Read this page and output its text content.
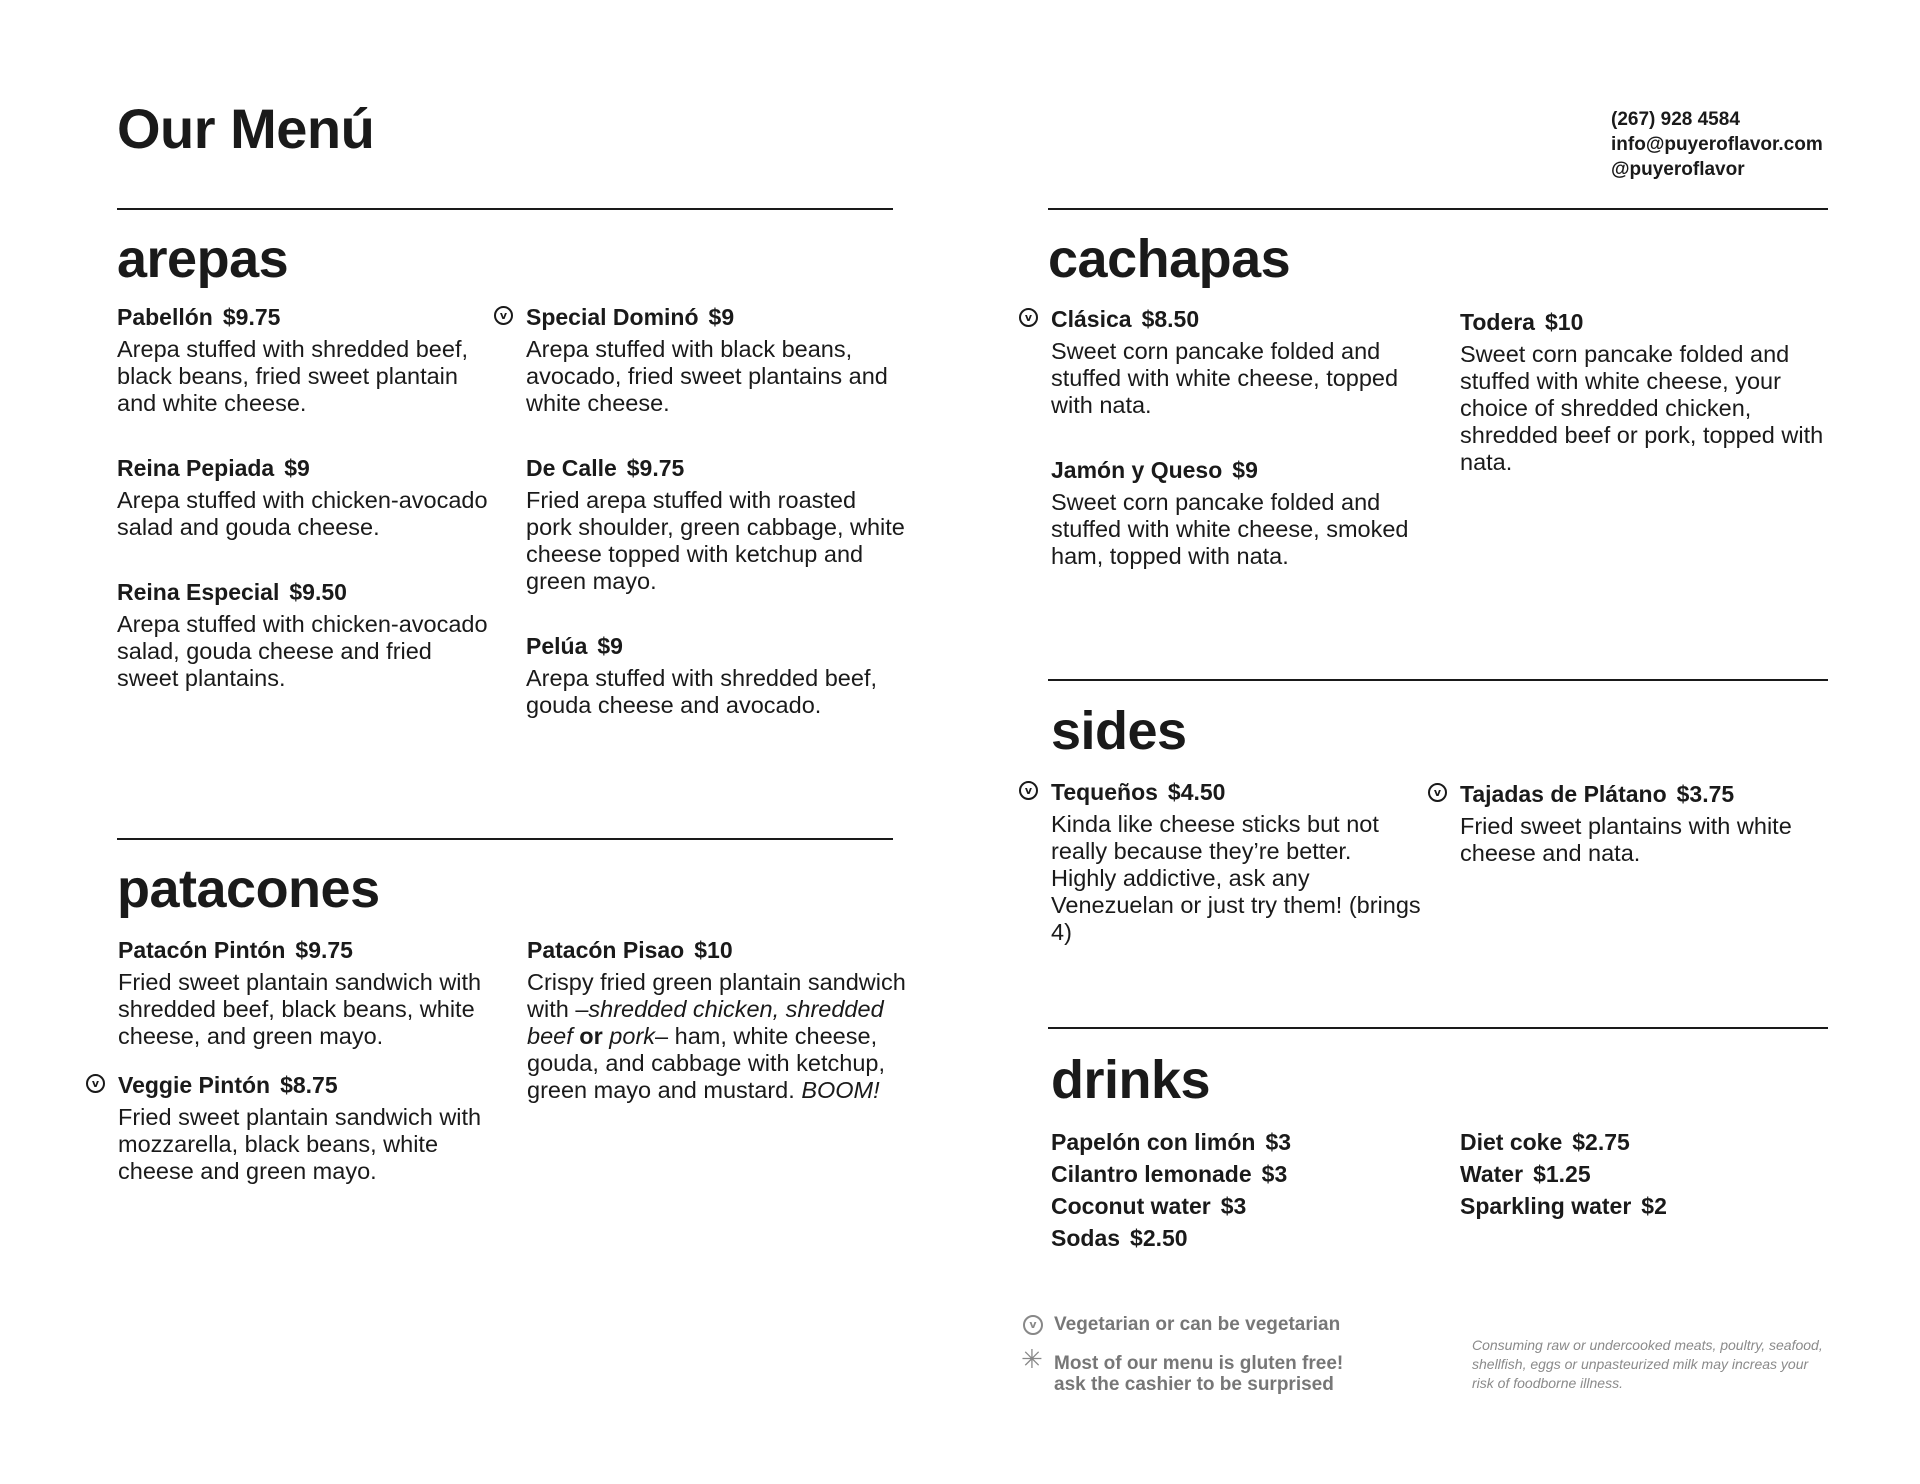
Our Menú	(267) 928 4584
info@puyeroflavor.com
@puyeroflavor
arepas
Pabellón $9.75
Arepa stuffed with shredded beef, black beans, fried sweet plantain and white cheese.
Reina Pepiada $9
Arepa stuffed with chicken-avocado salad and gouda cheese.
Reina Especial $9.50
Arepa stuffed with chicken-avocado salad, gouda cheese and fried sweet plantains.
v Special Dominó $9
Arepa stuffed with black beans, avocado, fried sweet plantains and white cheese.
De Calle $9.75
Fried arepa stuffed with roasted pork shoulder, green cabbage, white cheese topped with ketchup and green mayo.
Pelúa $9
Arepa stuffed with shredded beef, gouda cheese and avocado.
patacones
Patacón Pintón $9.75
Fried sweet plantain sandwich with shredded beef, black beans, white cheese, and green mayo.
v Veggie Pintón $8.75
Fried sweet plantain sandwich with mozzarella, black beans, white cheese and green mayo.
Patacón Pisao $10
Crispy fried green plantain sandwich with –shredded chicken, shredded beef or pork– ham, white cheese, gouda, and cabbage with ketchup, green mayo and mustard. BOOM!
cachapas
v Clásica $8.50
Sweet corn pancake folded and stuffed with white cheese, topped with nata.
Jamón y Queso $9
Sweet corn pancake folded and stuffed with white cheese, smoked ham, topped with nata.
Todera $10
Sweet corn pancake folded and stuffed with white cheese, your choice of shredded chicken, shredded beef or pork, topped with nata.
sides
v Tequeños $4.50
Kinda like cheese sticks but not really because they’re better. Highly addictive, ask any Venezuelan or just try them! (brings 4)
v Tajadas de Plátano $3.75
Fried sweet plantains with white cheese and nata.
drinks
Papelón con limón $3
Cilantro lemonade $3
Coconut water $3
Sodas $2.50
Diet coke $2.75
Water $1.25
Sparkling water $2
v Vegetarian or can be vegetarian
✳ Most of our menu is gluten free!
ask the cashier to be surprised
Consuming raw or undercooked meats, poultry, seafood, shellfish, eggs or unpasteurized milk may increas your risk of foodborne illness.
